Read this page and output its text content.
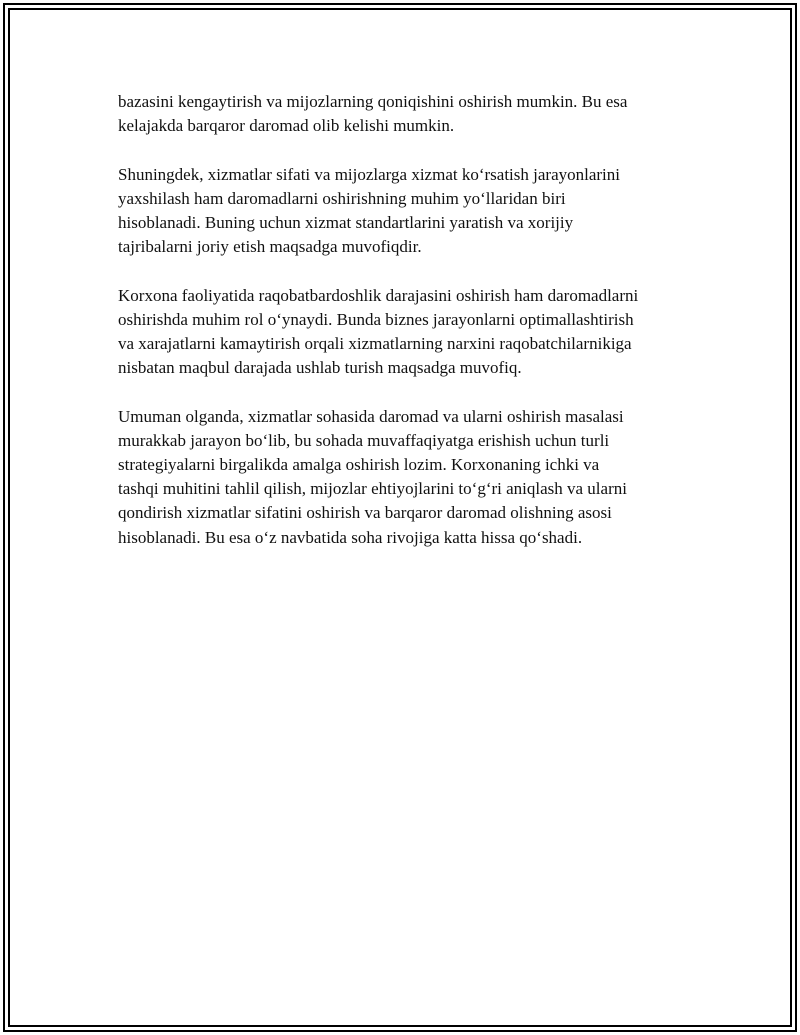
bazasini kengaytirish va mijozlarning qoniqishini oshirish mumkin. Bu esa
kelajakda barqaror daromad olib kelishi mumkin.

Shuningdek, xizmatlar sifati va mijozlarga xizmat ko‘rsatish jarayonlarini
yaxshilash ham daromadlarni oshirishning muhim yo‘llaridan biri
hisoblanadi. Buning uchun xizmat standartlarini yaratish va xorijiy
tajribalarni joriy etish maqsadga muvofiqdir.

Korxona faoliyatida raqobatbardoshlik darajasini oshirish ham daromadlarni
oshirishda muhim rol o‘ynaydi. Bunda biznes jarayonlarni optimallashtirish
va xarajatlarni kamaytirish orqali xizmatlarning narxini raqobatchilarnikiga
nisbatan maqbul darajada ushlab turish maqsadga muvofiq.

Umuman olganda, xizmatlar sohasida daromad va ularni oshirish masalasi
murakkab jarayon bo‘lib, bu sohada muvaffaqiyatga erishish uchun turli
strategiyalarni birgalikda amalga oshirish lozim. Korxonaning ichki va
tashqi muhitini tahlil qilish, mijozlar ehtiyojlarini to‘g‘ri aniqlash va ularni
qondirish xizmatlar sifatini oshirish va barqaror daromad olishning asosi
hisoblanadi. Bu esa o‘z navbatida soha rivojiga katta hissa qo‘shadi.
